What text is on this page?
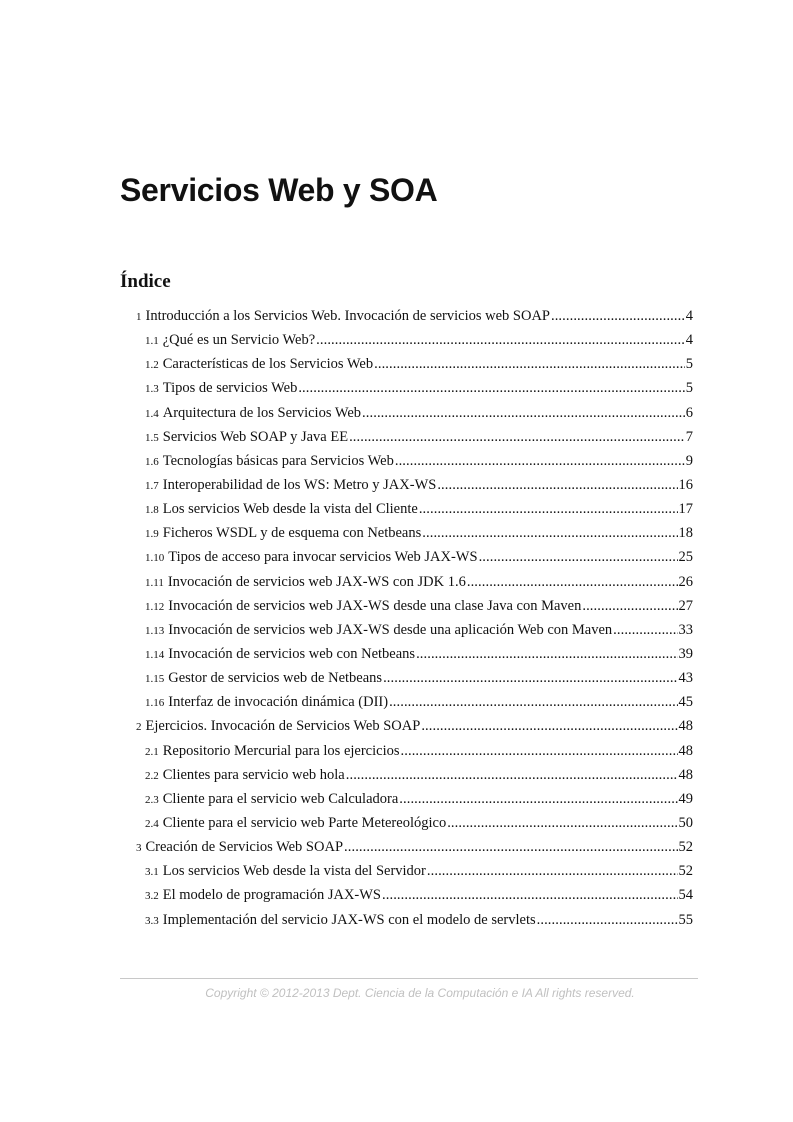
Servicios Web y SOA
Índice
1 Introducción a los Servicios Web. Invocación de servicios web SOAP .....	4
1.1 ¿Qué es un Servicio Web? .....	4
1.2 Características de los Servicios Web .....	5
1.3 Tipos de servicios Web .....	5
1.4 Arquitectura de los Servicios Web .....	6
1.5 Servicios Web SOAP y Java EE .....	7
1.6 Tecnologías básicas para Servicios Web .....	9
1.7 Interoperabilidad de los WS: Metro y JAX-WS .....	16
1.8 Los servicios Web desde la vista del Cliente .....	17
1.9 Ficheros WSDL y de esquema con Netbeans .....	18
1.10 Tipos de acceso para invocar servicios Web JAX-WS .....	25
1.11 Invocación de servicios web JAX-WS con JDK 1.6 .....	26
1.12 Invocación de servicios web JAX-WS desde una clase Java con Maven .....	27
1.13 Invocación de servicios web JAX-WS desde una aplicación Web con Maven .....	33
1.14 Invocación de servicios web con Netbeans .....	39
1.15 Gestor de servicios web de Netbeans .....	43
1.16 Interfaz de invocación dinámica (DII) .....	45
2 Ejercicios. Invocación de Servicios Web SOAP .....	48
2.1 Repositorio Mercurial para los ejercicios .....	48
2.2 Clientes para servicio web hola .....	48
2.3 Cliente para el servicio web Calculadora .....	49
2.4 Cliente para el servicio web Parte Metereológico .....	50
3 Creación de Servicios Web SOAP .....	52
3.1 Los servicios Web desde la vista del Servidor .....	52
3.2 El modelo de programación JAX-WS .....	54
3.3 Implementación del servicio JAX-WS con el modelo de servlets .....	55
Copyright © 2012-2013 Dept. Ciencia de la Computación e IA All rights reserved.
